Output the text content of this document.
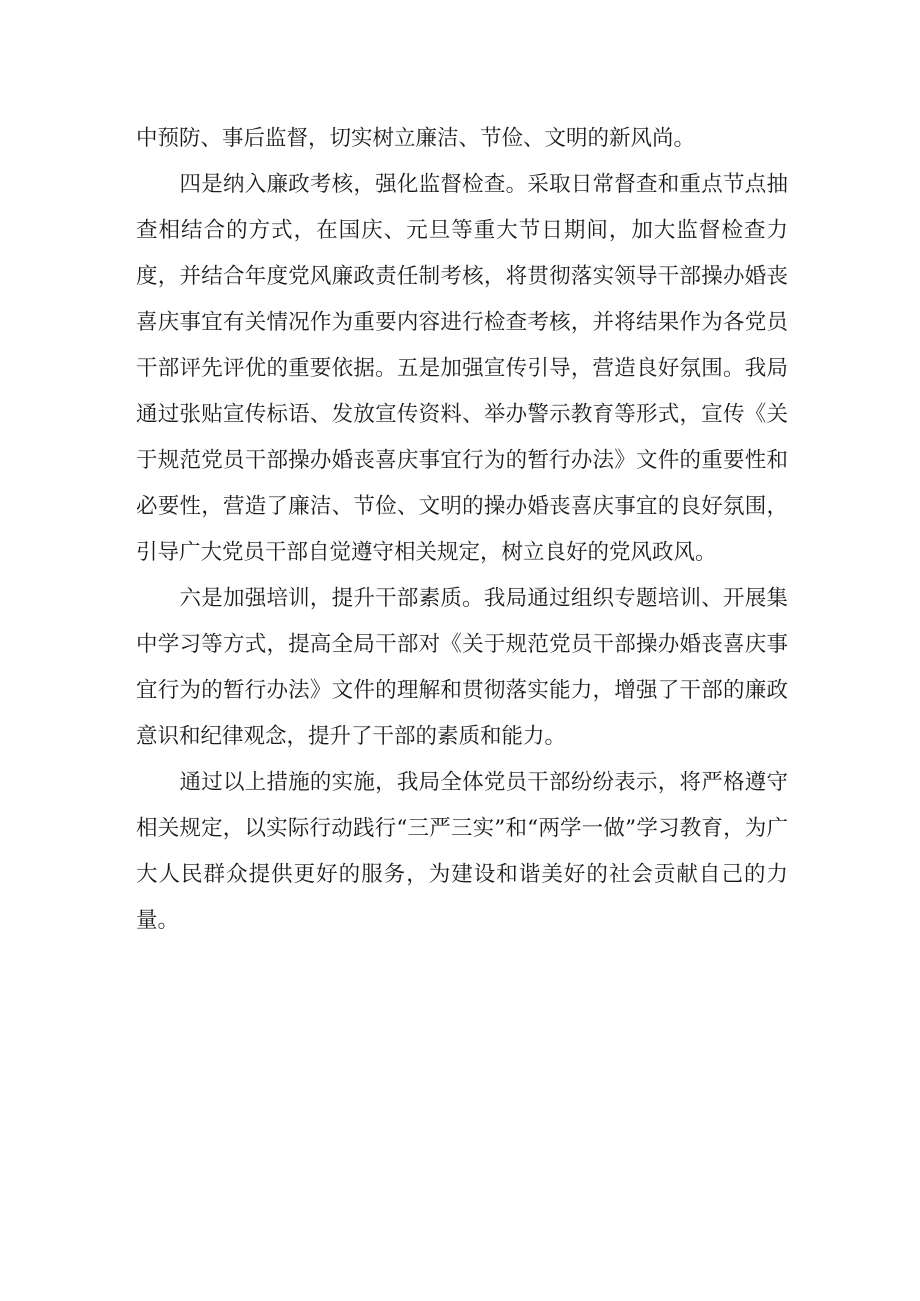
中预防、事后监督，切实树立廉洁、节俭、文明的新风尚。

　　四是纳入廉政考核，强化监督检查。采取日常督查和重点节点抽查相结合的方式，在国庆、元旦等重大节日期间，加大监督检查力度，并结合年度党风廉政责任制考核，将贯彻落实领导干部操办婚丧喜庆事宜有关情况作为重要内容进行检查考核，并将结果作为各党员干部评先评优的重要依据。五是加强宣传引导，营造良好氛围。我局通过张贴宣传标语、发放宣传资料、举办警示教育等形式，宣传《关于规范党员干部操办婚丧喜庆事宜行为的暂行办法》文件的重要性和必要性，营造了廉洁、节俭、文明的操办婚丧喜庆事宜的良好氛围，引导广大党员干部自觉遵守相关规定，树立良好的党风政风。

　　六是加强培训，提升干部素质。我局通过组织专题培训、开展集中学习等方式，提高全局干部对《关于规范党员干部操办婚丧喜庆事宜行为的暂行办法》文件的理解和贯彻落实能力，增强了干部的廉政意识和纪律观念，提升了干部的素质和能力。

　　通过以上措施的实施，我局全体党员干部纷纷表示，将严格遵守相关规定，以实际行动践行“三严三实”和“两学一做”学习教育，为广大人民群众提供更好的服务，为建设和谐美好的社会贡献自己的力量。
